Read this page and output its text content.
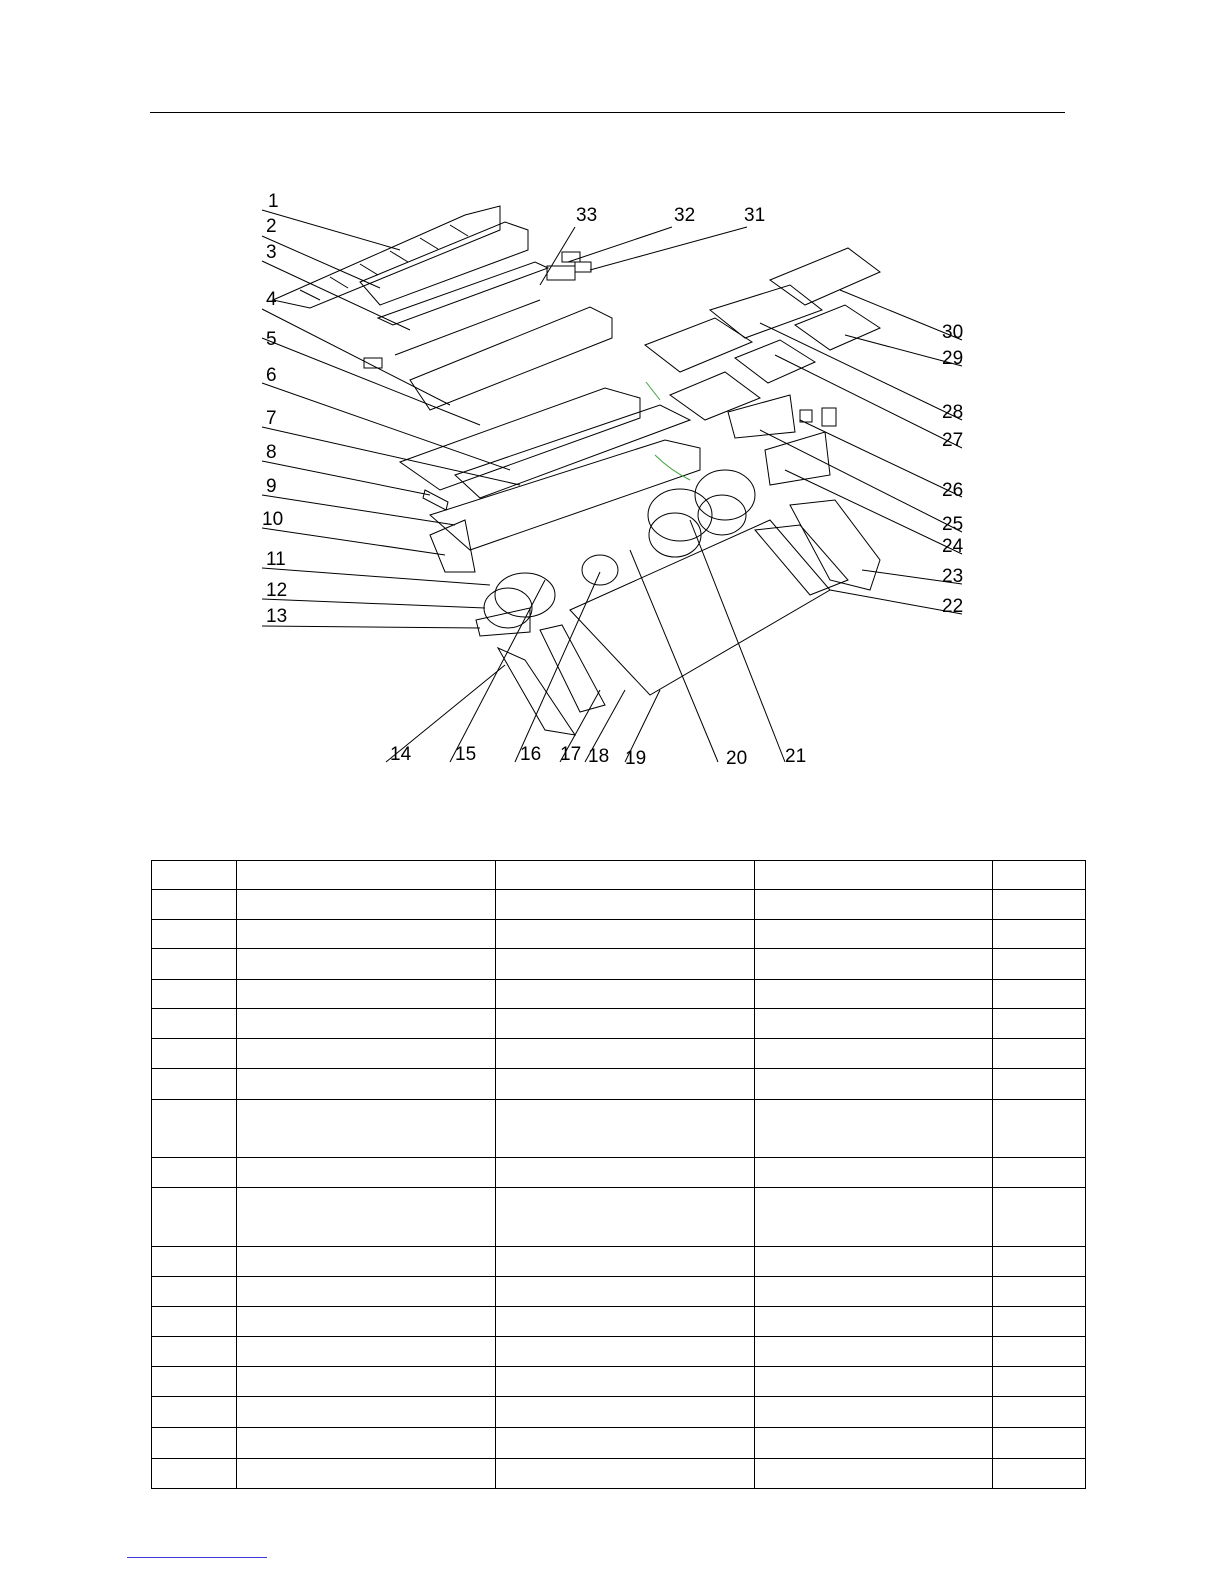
1
2
3
4
5
6
7
8
9
10
11
12
13
14 15 16 17 18 19	20 21
22
23
24
25
26
27
28
29
30
31
32
33
